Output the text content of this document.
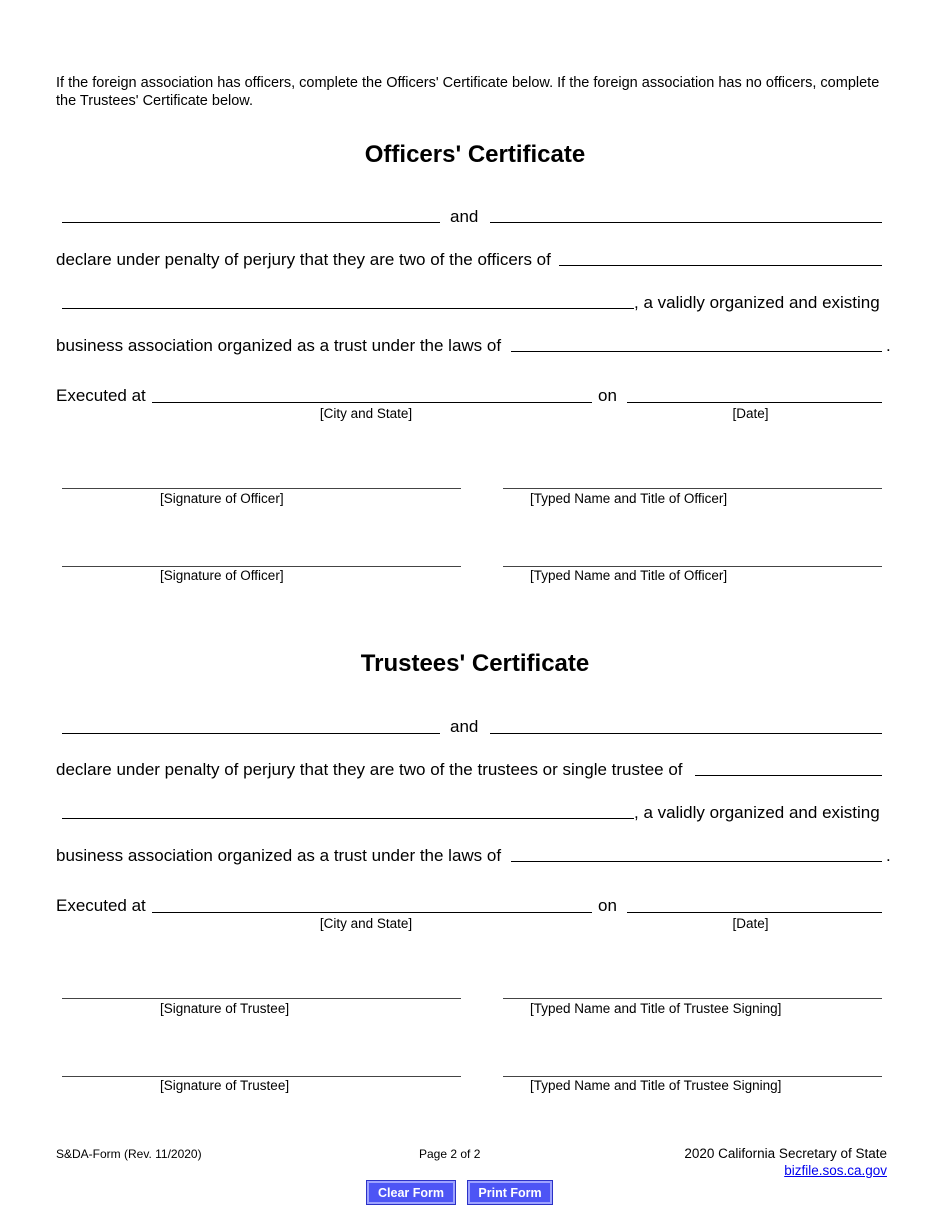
If the foreign association has officers, complete the Officers' Certificate below. If the foreign association has no officers, complete the Trustees' Certificate below.

Officers' Certificate
and
declare under penalty of perjury that they are two of the officers of
, a validly organized and existing
business association organized as a trust under the laws of	.
Executed at	on
[City and State]	[Date]
[Signature of Officer]	[Typed Name and Title of Officer]
[Signature of Officer]	[Typed Name and Title of Officer]
Trustees' Certificate
and
declare under penalty of perjury that they are two of the trustees or single trustee of
, a validly organized and existing
business association organized as a trust under the laws of	.
Executed at	on
[City and State]	[Date]
[Signature of Trustee]	[Typed Name and Title of Trustee Signing]
[Signature of Trustee]	[Typed Name and Title of Trustee Signing]
S&DA-Form (Rev. 11/2020)	Page 2 of 2	2020 California Secretary of State
bizfile.sos.ca.gov
Clear Form	Print Form
